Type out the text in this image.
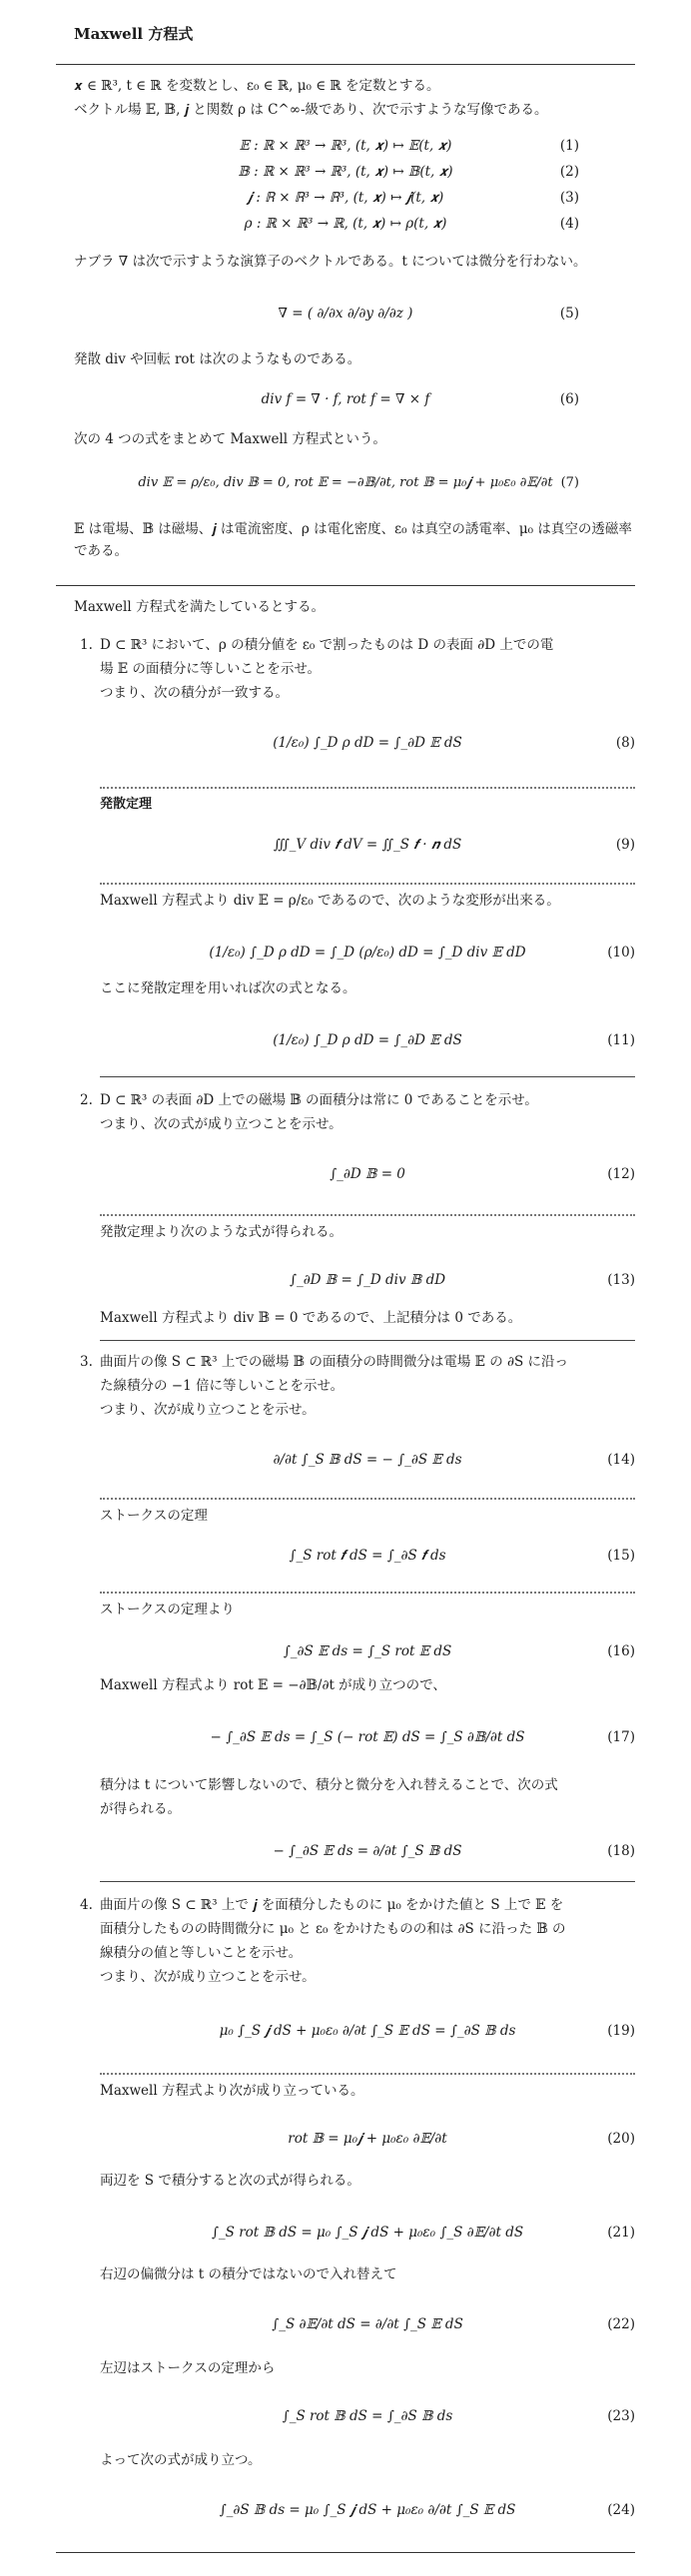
Maxwell 方程式
𝒙 ∈ ℝ³, t ∈ ℝ を変数とし、ε₀ ∈ ℝ, μ₀ ∈ ℝ を定数とする。
ベクトル場 𝔼, 𝔹, 𝒋 と関数 ρ は C^∞-級であり、次で示すような写像である。
𝔼 : ℝ × ℝ³ → ℝ³, (t, 𝒙) ↦ 𝔼(t, 𝒙)	(1)
𝔹 : ℝ × ℝ³ → ℝ³, (t, 𝒙) ↦ 𝔹(t, 𝒙)	(2)
𝒋 : ℝ × ℝ³ → ℝ³, (t, 𝒙) ↦ 𝒋(t, 𝒙)	(3)
ρ : ℝ × ℝ³ → ℝ, (t, 𝒙) ↦ ρ(t, 𝒙)	(4)
ナブラ ∇ は次で示すような演算子のベクトルである。t については微分を行わない。
∇ = ( ∂/∂x ∂/∂y ∂/∂z )	(5)
発散 div や回転 rot は次のようなものである。
div f = ∇ · f, rot f = ∇ × f	(6)
次の 4 つの式をまとめて Maxwell 方程式という。
div 𝔼 = ρ/ε₀, div 𝔹 = 0, rot 𝔼 = −∂𝔹/∂t, rot 𝔹 = μ₀𝒋 + μ₀ε₀ ∂𝔼/∂t (7)
𝔼 は電場、𝔹 は磁場、𝒋 は電流密度、ρ は電化密度、ε₀ は真空の誘電率、μ₀ は真空の透磁率である。
Maxwell 方程式を満たしているとする。
1. D ⊂ ℝ³ において、ρ の積分値を ε₀ で割ったものは D の表面 ∂D 上での電
場 𝔼 の面積分に等しいことを示せ。
つまり、次の積分が一致する。
(1/ε₀) ∫_D ρ dD = ∫_∂D 𝔼 dS	(8)
発散定理
∭_V div 𝒇 dV = ∬_S 𝒇 · 𝒏 dS	(9)
Maxwell 方程式より div 𝔼 = ρ/ε₀ であるので、次のような変形が出来る。
(1/ε₀) ∫_D ρ dD = ∫_D (ρ/ε₀) dD = ∫_D div 𝔼 dD	(10)
ここに発散定理を用いれば次の式となる。
(1/ε₀) ∫_D ρ dD = ∫_∂D 𝔼 dS	(11)
2. D ⊂ ℝ³ の表面 ∂D 上での磁場 𝔹 の面積分は常に 0 であることを示せ。
つまり、次の式が成り立つことを示せ。
∫_∂D 𝔹 = 0	(12)
発散定理より次のような式が得られる。
∫_∂D 𝔹 = ∫_D div 𝔹 dD	(13)
Maxwell 方程式より div 𝔹 = 0 であるので、上記積分は 0 である。
3. 曲面片の像 S ⊂ ℝ³ 上での磁場 𝔹 の面積分の時間微分は電場 𝔼 の ∂S に沿っ
た線積分の −1 倍に等しいことを示せ。
つまり、次が成り立つことを示せ。
∂/∂t ∫_S 𝔹 dS = − ∫_∂S 𝔼 ds	(14)
ストークスの定理
∫_S rot 𝒇 dS = ∫_∂S 𝒇 ds	(15)
ストークスの定理より
∫_∂S 𝔼 ds = ∫_S rot 𝔼 dS	(16)
Maxwell 方程式より rot 𝔼 = −∂𝔹/∂t が成り立つので、
− ∫_∂S 𝔼 ds = ∫_S (− rot 𝔼) dS = ∫_S ∂𝔹/∂t dS	(17)
積分は t について影響しないので、積分と微分を入れ替えることで、次の式
が得られる。
− ∫_∂S 𝔼 ds = ∂/∂t ∫_S 𝔹 dS	(18)
4. 曲面片の像 S ⊂ ℝ³ 上で 𝒋 を面積分したものに μ₀ をかけた値と S 上で 𝔼 を
面積分したものの時間微分に μ₀ と ε₀ をかけたものの和は ∂S に沿った 𝔹 の
線積分の値と等しいことを示せ。
つまり、次が成り立つことを示せ。
μ₀ ∫_S 𝒋 dS + μ₀ε₀ ∂/∂t ∫_S 𝔼 dS = ∫_∂S 𝔹 ds	(19)
Maxwell 方程式より次が成り立っている。
rot 𝔹 = μ₀𝒋 + μ₀ε₀ ∂𝔼/∂t	(20)
両辺を S で積分すると次の式が得られる。
∫_S rot 𝔹 dS = μ₀ ∫_S 𝒋 dS + μ₀ε₀ ∫_S ∂𝔼/∂t dS	(21)
右辺の偏微分は t の積分ではないので入れ替えて
∫_S ∂𝔼/∂t dS = ∂/∂t ∫_S 𝔼 dS	(22)
左辺はストークスの定理から
∫_S rot 𝔹 dS = ∫_∂S 𝔹 ds	(23)
よって次の式が成り立つ。
∫_∂S 𝔹 ds = μ₀ ∫_S 𝒋 dS + μ₀ε₀ ∂/∂t ∫_S 𝔼 dS	(24)
